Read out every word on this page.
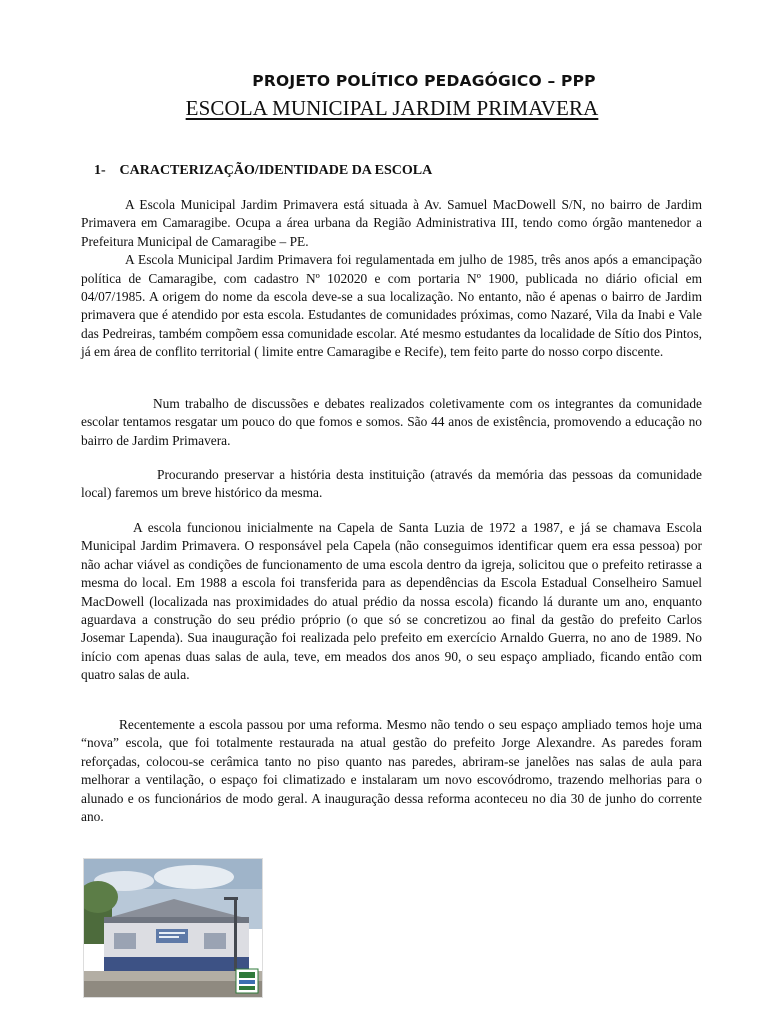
PROJETO POLÍTICO PEDAGÓGICO – PPP
ESCOLA MUNICIPAL JARDIM PRIMAVERA
1- CARACTERIZAÇÃO/IDENTIDADE DA ESCOLA

A Escola Municipal Jardim Primavera está situada à Av. Samuel MacDowell S/N, no bairro de Jardim Primavera em Camaragibe. Ocupa a área urbana da Região Administrativa III, tendo como órgão mantenedor a Prefeitura Municipal de Camaragibe – PE.

A Escola Municipal Jardim Primavera foi regulamentada em julho de 1985, três anos após a emancipação política de Camaragibe, com cadastro Nº 102020 e com portaria Nº 1900, publicada no diário oficial em 04/07/1985. A origem do nome da escola deve-se a sua localização. No entanto, não é apenas o bairro de Jardim primavera que é atendido por esta escola. Estudantes de comunidades próximas, como Nazaré, Vila da Inabi e Vale das Pedreiras, também compõem essa comunidade escolar. Até mesmo estudantes da localidade de Sítio dos Pintos, já em área de conflito territorial ( limite entre Camaragibe e Recife), tem feito parte do nosso corpo discente.

Num trabalho de discussões e debates realizados coletivamente com os integrantes da comunidade escolar tentamos resgatar um pouco do que fomos e somos. São 44 anos de existência, promovendo a educação no bairro de Jardim Primavera.

Procurando preservar a história desta instituição (através da memória das pessoas da comunidade local) faremos um breve histórico da mesma.

A escola funcionou inicialmente na Capela de Santa Luzia de 1972 a 1987, e já se chamava Escola Municipal Jardim Primavera. O responsável pela Capela (não conseguimos identificar quem era essa pessoa) por não achar viável as condições de funcionamento de uma escola dentro da igreja, solicitou que o prefeito retirasse a mesma do local. Em 1988 a escola foi transferida para as dependências da Escola Estadual Conselheiro Samuel MacDowell (localizada nas proximidades do atual prédio da nossa escola) ficando lá durante um ano, enquanto aguardava a construção do seu prédio próprio (o que só se concretizou ao final da gestão do prefeito Carlos Josemar Lapenda). Sua inauguração foi realizada pelo prefeito em exercício Arnaldo Guerra, no ano de 1989. No início com apenas duas salas de aula, teve, em meados dos anos 90, o seu espaço ampliado, ficando então com quatro salas de aula.

Recentemente a escola passou por uma reforma. Mesmo não tendo o seu espaço ampliado temos hoje uma “nova” escola, que foi totalmente restaurada na atual gestão do prefeito Jorge Alexandre. As paredes foram reforçadas, colocou-se cerâmica tanto no piso quanto nas paredes, abriram-se janelões nas salas de aula para melhorar a ventilação, o espaço foi climatizado e instalaram um novo escovódromo, trazendo melhorias para o alunado e os funcionários de modo geral. A inauguração dessa reforma aconteceu no dia 30 de junho do corrente ano.
